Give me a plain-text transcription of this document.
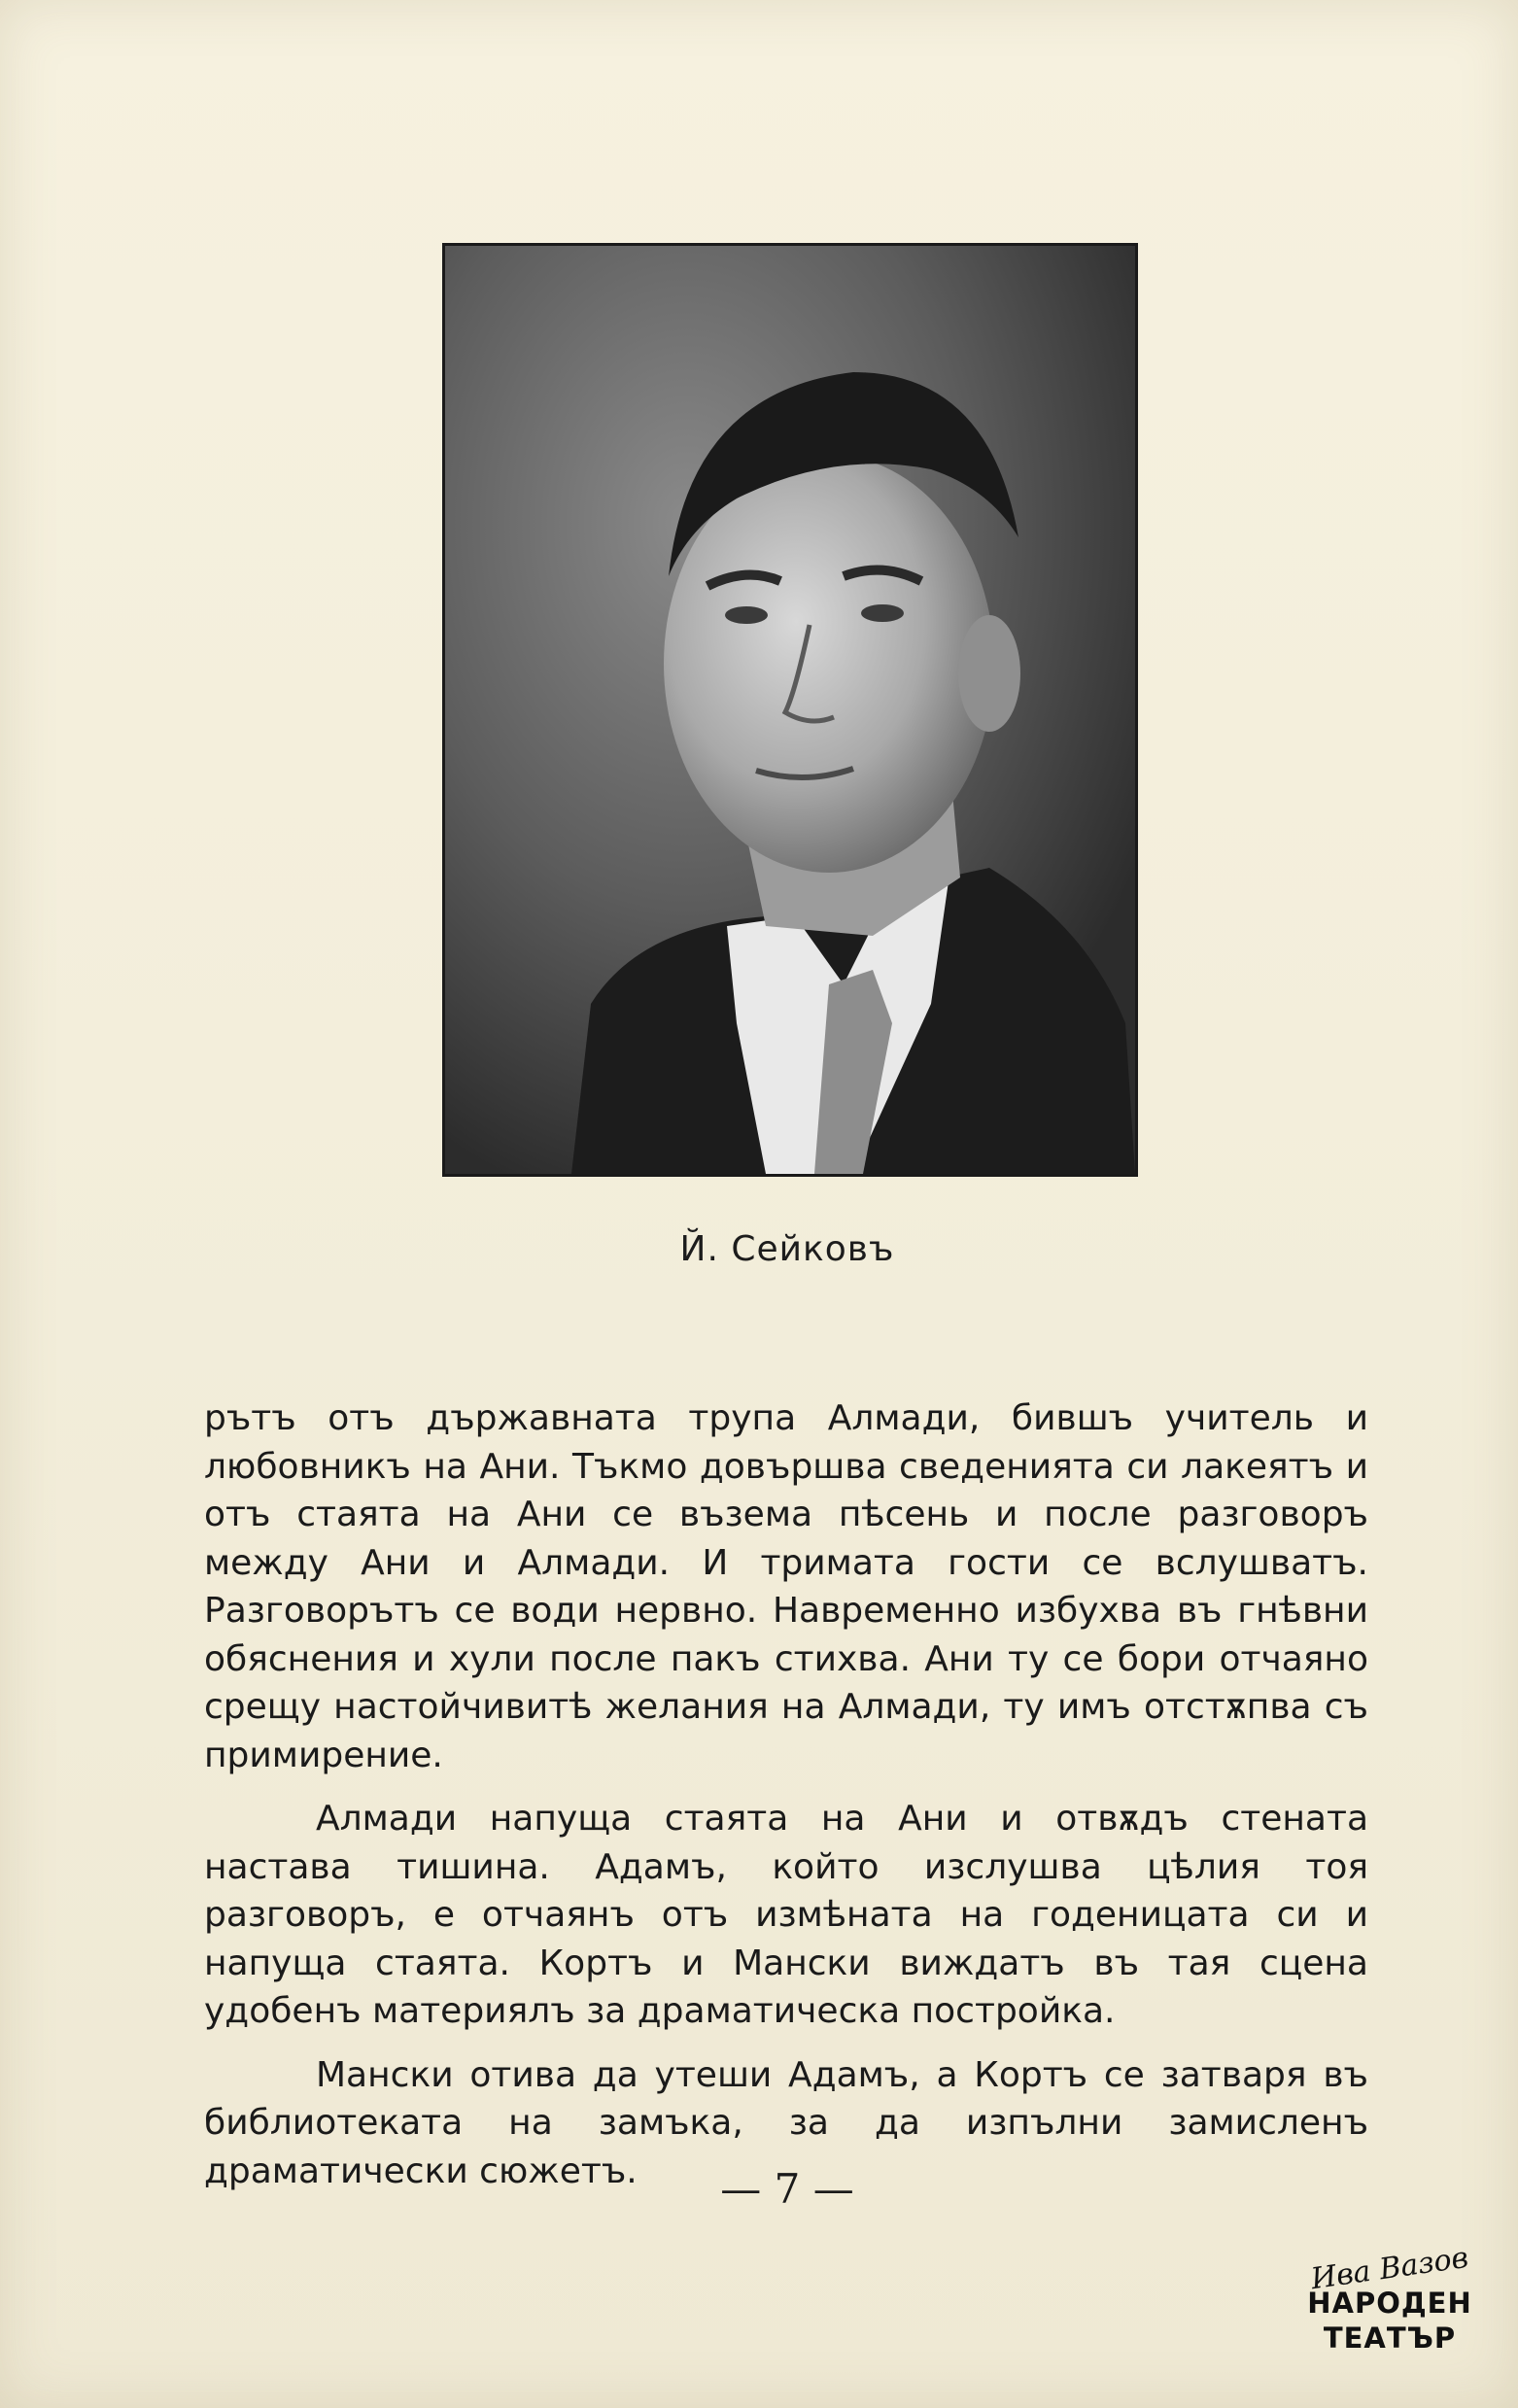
Й. Сейковъ

рътъ отъ държавната трупа Алмади, бившъ учитель и любовникъ на Ани. Тъкмо довършва сведенията си лакеятъ и отъ стаята на Ани се възема пѣсень и после разговоръ между Ани и Алмади. И тримата гости се вслушватъ. Разговорътъ се води нервно. Навременно избухва въ гнѣвни обяснения и хули после пакъ стихва. Ани ту се бори отчаяно срещу настойчивитѣ желания на Алмади, ту имъ отстѫпва съ примирение.

Алмади напуща стаята на Ани и отвѫдъ стената настава тишина. Адамъ, който изслушва цѣлия тоя разговоръ, е отчаянъ отъ измѣната на годеницата си и напуща стаята. Кортъ и Мански виждатъ въ тая сцена удобенъ материялъ за драматическа постройка.

Мански отива да утеши Адамъ, а Кортъ се затваря въ библиотеката на замъка, за да изпълни замисленъ драматически сюжетъ.	— 7 —
Ивa Вазов
НАРОДЕН
ТЕАТЪР
